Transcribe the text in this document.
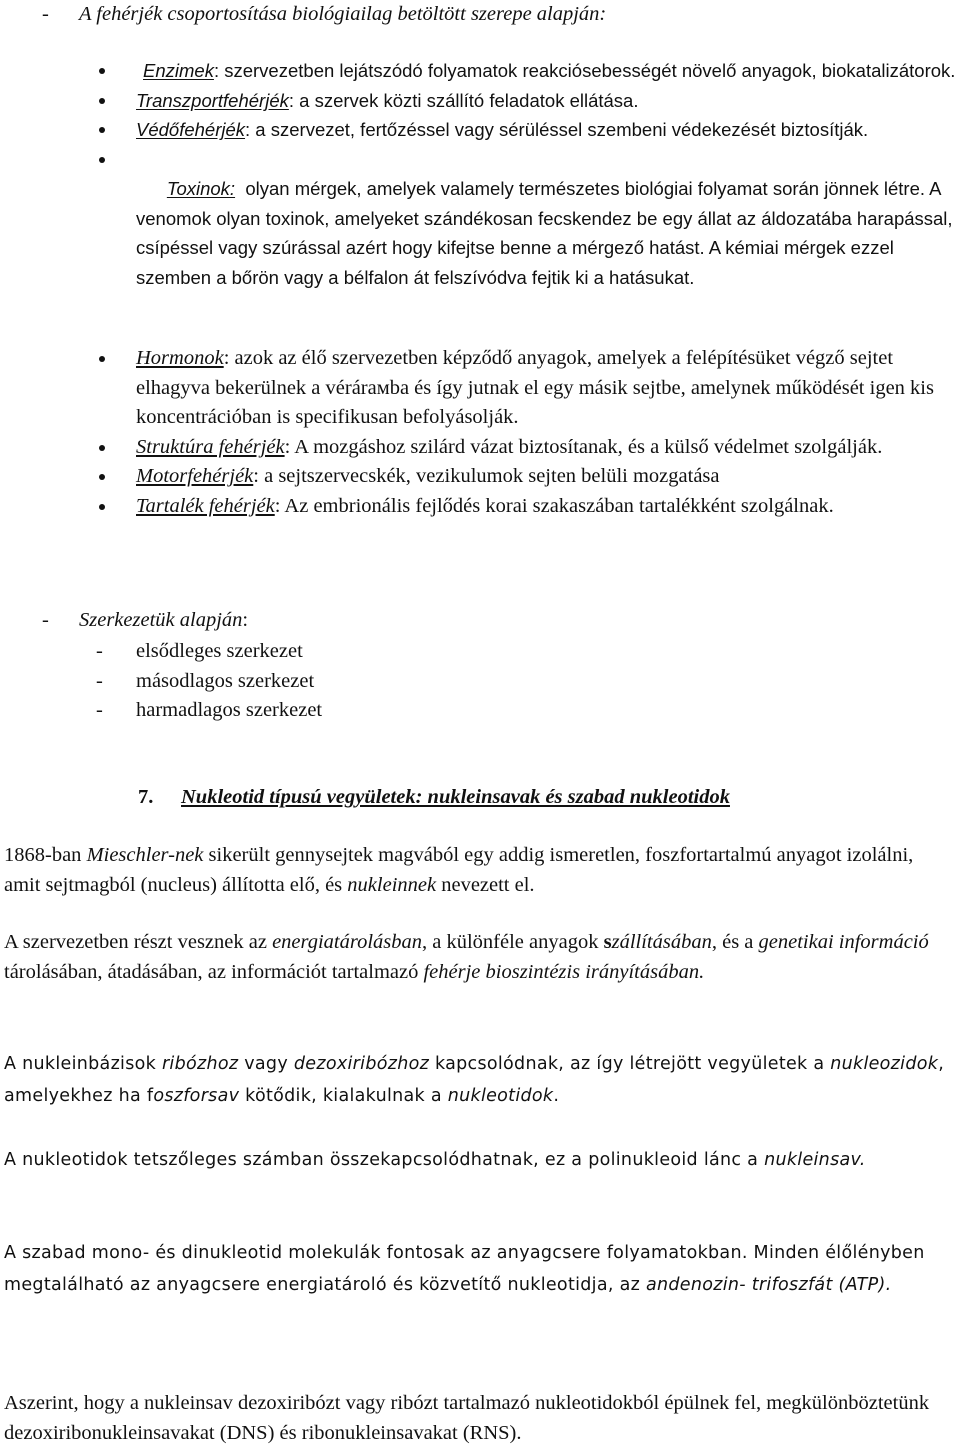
- A fehérjék csoportosítása biológiailag betöltött szerepe alapján:
Enzimek: szervezetben lejátszódó folyamatok reakciósebességét növelő anyagok, biokatalizátorok.
Transzportfehérjék: a szervek közti szállító feladatok ellátása.
Védőfehérjék: a szervezet, fertőzéssel vagy sérüléssel szembeni védekezését biztosítják.

Toxinok:  olyan mérgek, amelyek valamely természetes biológiai folyamat során jönnek létre. A venomok olyan toxinok, amelyeket szándékosan fecskendez be egy állat az áldozatába harapással, csípéssel vagy szúrással azért hogy kifejtse benne a mérgező hatást. A kémiai mérgek ezzel szemben a bőrön vagy a bélfalon át felszívódva fejtik ki a hatásukat.

Hormonok: azok az élő szervezetben képződő anyagok, amelyek a felépítésüket végző sejtet elhagyva bekerülnek a vérárамba és így jutnak el egy másik sejtbe, amelynek működését igen kis koncentrációban is specifikusan befolyásolják.
Struktúra fehérjék: A mozgáshoz szilárd vázat biztosítanak, és a külső védelmet szolgálják.
Motorfehérjék: a sejtszervecskék, vezikulumok sejten belüli mozgatása
Tartalék fehérjék: Az embrionális fejlődés korai szakaszában tartalékként szolgálnak.
- Szerkezetük alapján:
- elsődleges szerkezet
- másodlagos szerkezet
- harmadlagos szerkezet
7. Nukleotid típusú vegyületek: nukleinsavak és szabad nukleotidok

1868-ban Mieschler-nek sikerült gennysejtek magvából egy addig ismeretlen, foszfortartalmú anyagot izolálni, amit sejtmagból (nucleus) állította elő, és nukleinnek nevezett el.

A szervezetben részt vesznek az energiatárolásban, a különféle anyagok szállításában, és a genetikai információ tárolásában, átadásában, az információt tartalmazó fehérje bioszintézis irányításában.

A nukleinbázisok ribózhoz vagy dezoxiribózhoz kapcsolódnak, az így létrejött vegyületek a nukleozidok, amelyekhez ha foszforsav kötődik, kialakulnak a nukleotidok.

A nukleotidok tetszőleges számban összekapcsolódhatnak, ez a polinukleoid lánc a nukleinsav.

A szabad mono- és dinukleotid molekulák fontosak az anyagcsere folyamatokban. Minden élőlényben megtalálható az anyagcsere energiatároló és közvetítő nukleotidja, az andenozin- trifoszfát (ATP).

Aszerint, hogy a nukleinsav dezoxiribózt vagy ribózt tartalmazó nukleotidokból épülnek fel, megkülönböztetünk dezoxiribonukleinsavakat (DNS) és ribonukleinsavakat (RNS).
